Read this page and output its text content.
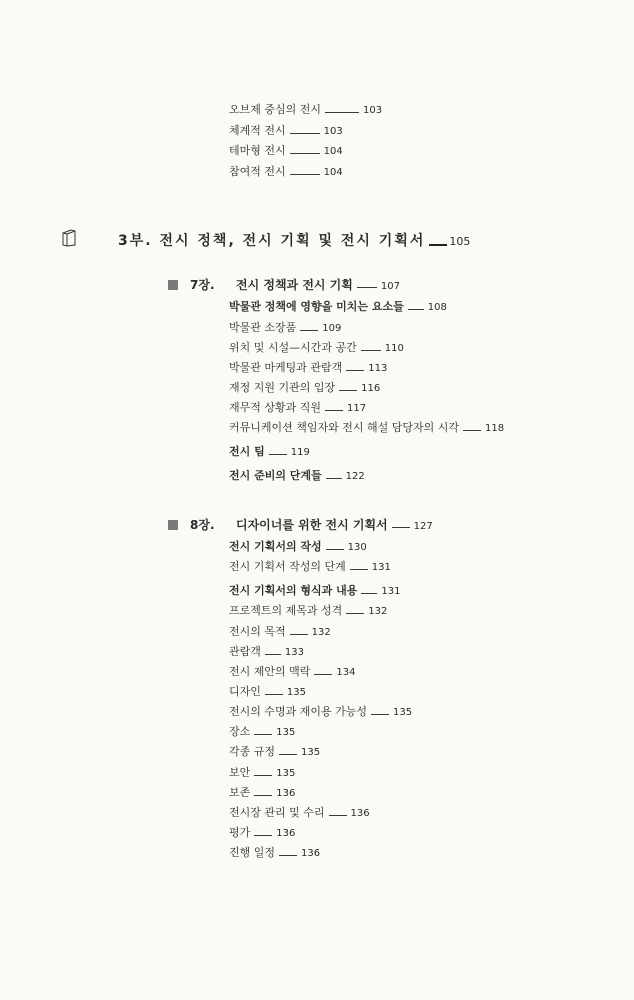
오브제 중심의 전시	103
체계적 전시	103
테마형 전시	104
참여적 전시	104
3부. 전시 정책, 전시 기획 및 전시 기획서 105
7장. 전시 정책과 전시 기획	107
박물관 정책에 영향을 미치는 요소들 108
박물관 소장품	109
위치 및 시설—시간과 공간	110
박물관 마케팅과 관람객	113
재정 지원 기관의 입장	116
재무적 상황과 직원	117
커뮤니케이션 책임자와 전시 해설 담당자의 시각	118
전시 팀	119
전시 준비의 단계들 122
8장. 디자이너를 위한 전시 기획서	127
전시 기획서의 작성	130
전시 기획서 작성의 단계	131
전시 기획서의 형식과 내용 131
프로젝트의 제목과 성격	132
전시의 목적	132
관람객 133
전시 제안의 맥락	134
디자인	135
전시의 수명과 재이용 가능성	135
장소	135
각종 규정	135
보안	135
보존	136
전시장 관리 및 수리	136
평가	136
진행 일정	136
